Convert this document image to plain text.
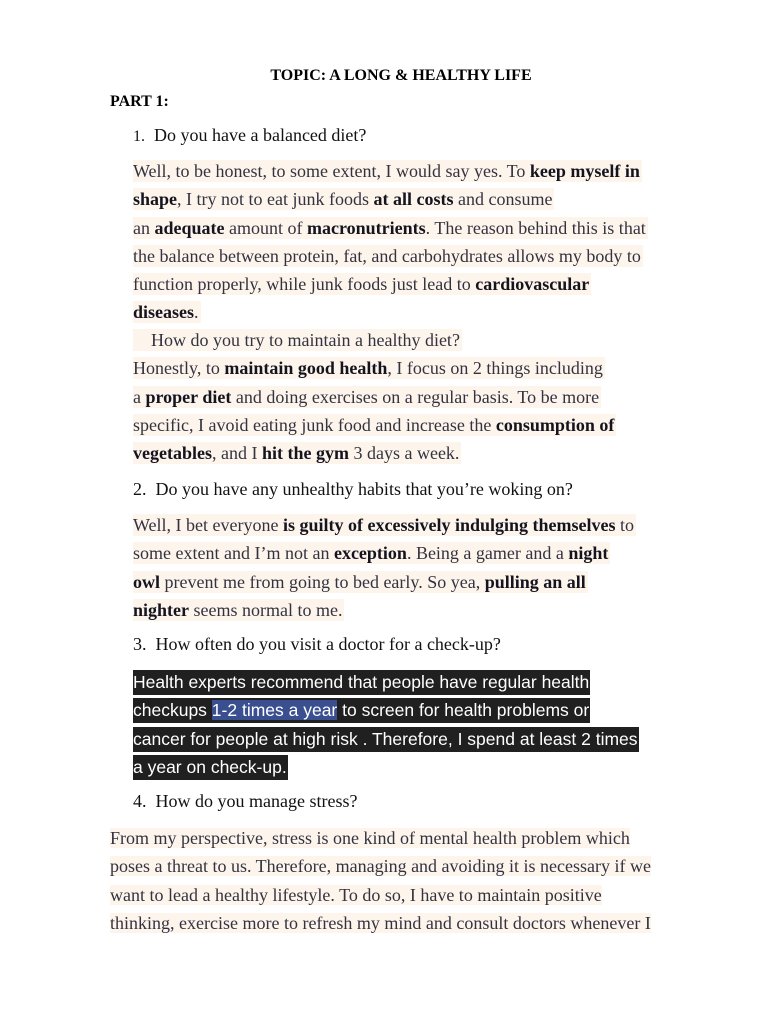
TOPIC: A LONG & HEALTHY LIFE
PART 1:
1. Do you have a balanced diet?
Well, to be honest, to some extent, I would say yes. To keep myself in
shape, I try not to eat junk foods at all costs and consume
an adequate amount of macronutrients. The reason behind this is that
the balance between protein, fat, and carbohydrates allows my body to
function properly, while junk foods just lead to cardiovascular
diseases.
How do you try to maintain a healthy diet?
Honestly, to maintain good health, I focus on 2 things including
a proper diet and doing exercises on a regular basis. To be more
specific, I avoid eating junk food and increase the consumption of
vegetables, and I hit the gym 3 days a week.
2. Do you have any unhealthy habits that you’re woking on?
Well, I bet everyone is guilty of excessively indulging themselves to
some extent and I’m not an exception. Being a gamer and a night
owl prevent me from going to bed early. So yea, pulling an all
nighter seems normal to me.
3. How often do you visit a doctor for a check-up?
Health experts recommend that people have regular health
checkups 1-2 times a year to screen for health problems or
cancer for people at high risk . Therefore, I spend at least 2 times
a year on check-up.
4. How do you manage stress?
From my perspective, stress is one kind of mental health problem which
poses a threat to us. Therefore, managing and avoiding it is necessary if we
want to lead a healthy lifestyle. To do so, I have to maintain positive
thinking, exercise more to refresh my mind and consult doctors whenever I
